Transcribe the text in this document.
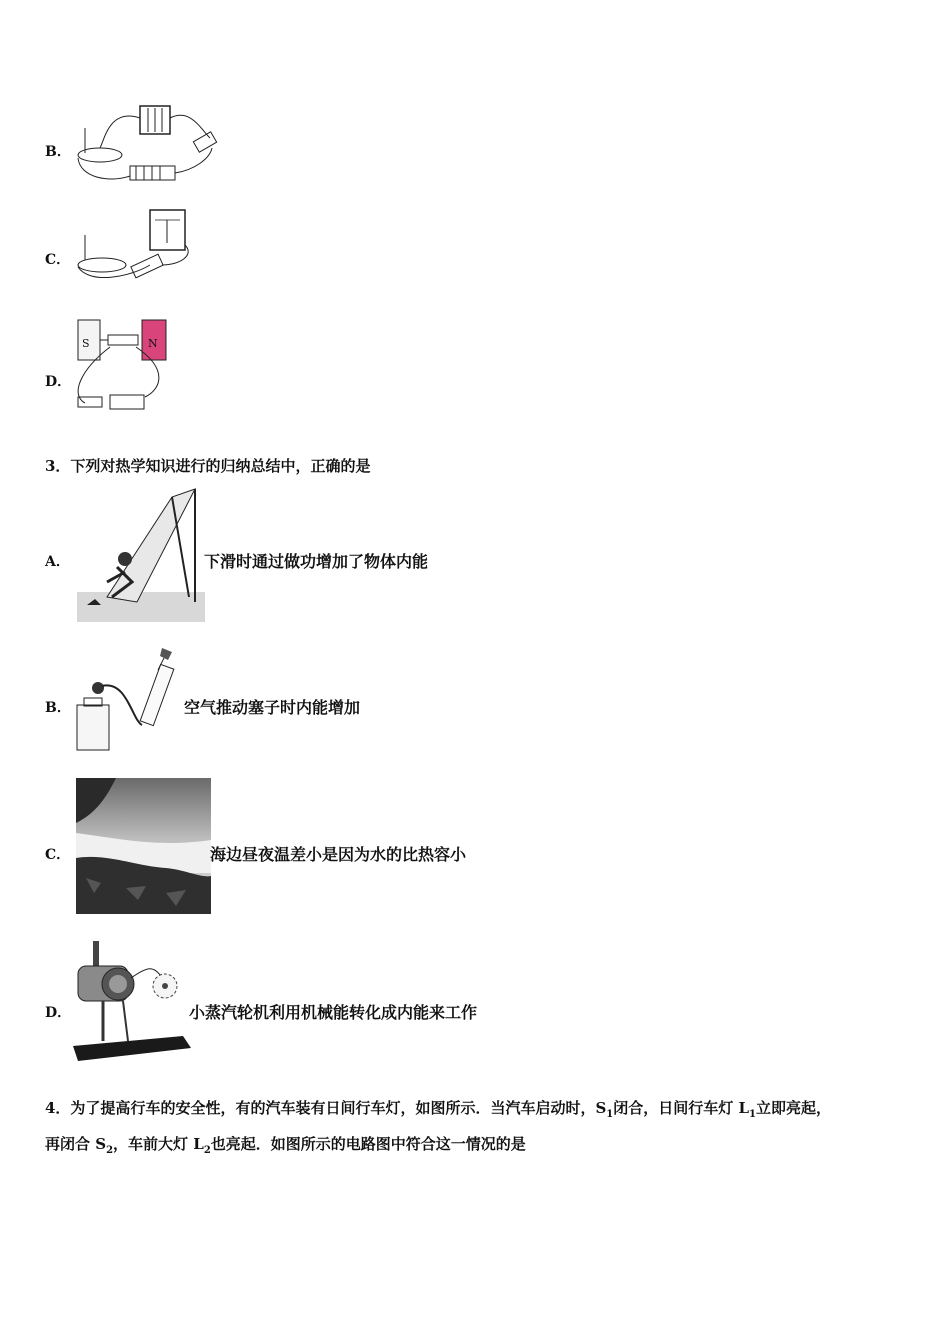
B．
C．
D．
S	N
3．下列对热学知识进行的归纳总结中，正确的是
A．	下滑时通过做功增加了物体内能
B．	空气推动塞子时内能增加
C．	海边昼夜温差小是因为水的比热容小
D．	小蒸汽轮机利用机械能转化成内能来工作
4．为了提高行车的安全性，有的汽车装有日间行车灯，如图所示．当汽车启动时，$S_1$闭合，日间行车灯 $L_1$立即亮起，
再闭合 $S_2$，车前大灯 $L_2$也亮起．如图所示的电路图中符合这一情况的是
